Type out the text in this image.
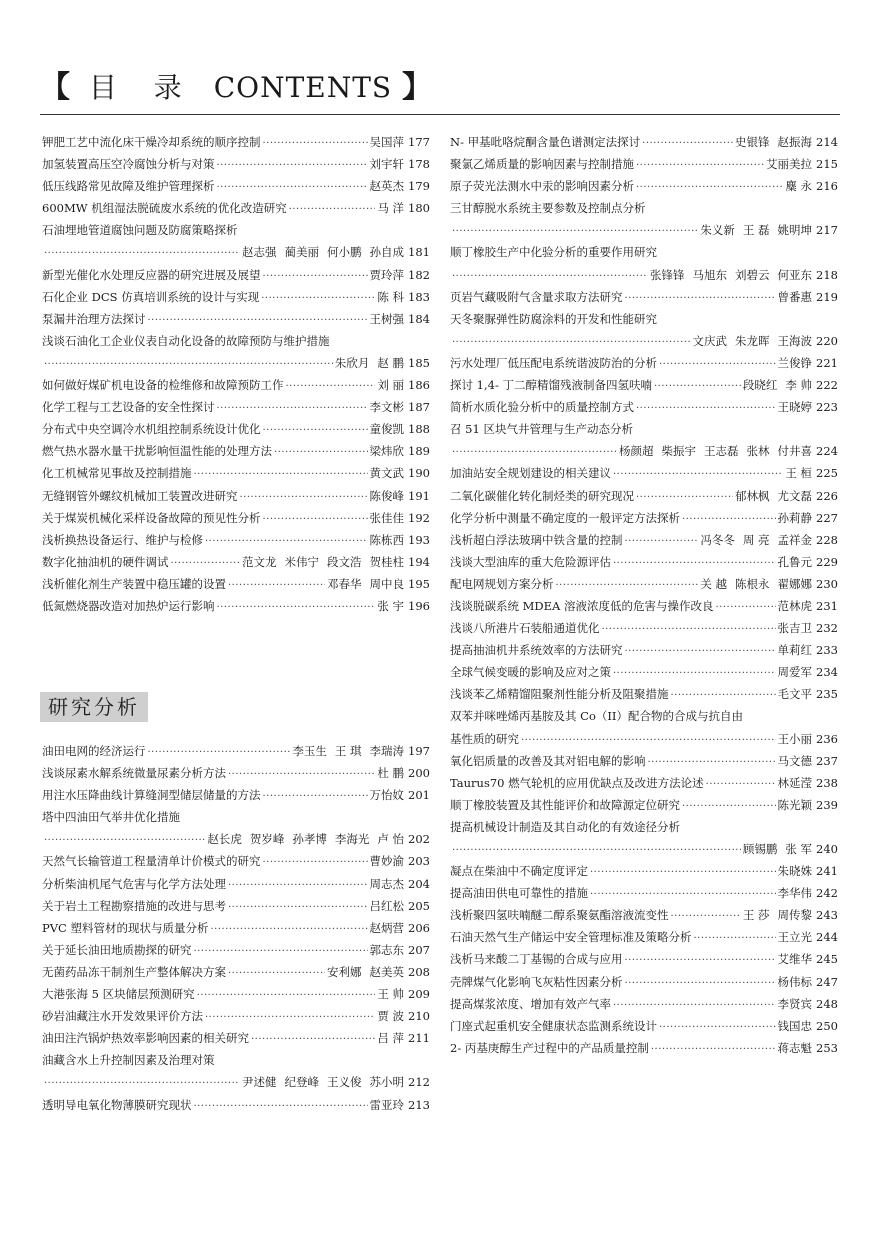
【 目 录 CONTENTS 】
钾肥工艺中流化床干燥冷却系统的顺序控制 ·····	吴国萍 177
加氢装置高压空冷腐蚀分析与对策 ·····	刘宇轩 178
低压线路常见故障及维护管理探析 ·····	赵英杰 179
600MW 机组湿法脱硫废水系统的优化改造研究 ·····	马 洋 180
石油埋地管道腐蚀问题及防腐策略探析
·····
赵志强 蔺美丽 何小鹏 孙自成 181
新型光催化水处理反应器的研究进展及展望 ·····	贾玲萍 182
石化企业 DCS 仿真培训系统的设计与实现 ·····	陈 科 183
泵漏井治理方法探讨 ·····	王树强 184
浅谈石油化工企业仪表自动化设备的故障预防与维护措施
·····
朱欣月 赵 鹏 185
如何做好煤矿机电设备的检维修和故障预防工作 ·····	刘 丽 186
化学工程与工艺设备的安全性探讨 ·····	李文彬 187
分布式中央空调冷水机组控制系统设计优化 ·····	童俊凯 188
燃气热水器水量干扰影响恒温性能的处理方法 ·····	梁炜欣 189
化工机械常见事故及控制措施 ·····	黄文武 190
无缝钢管外螺纹机械加工装置改进研究 ·····	陈俊峰 191
关于煤炭机械化采样设备故障的预见性分析 ·····	张佳佳 192
浅析换热设备运行、维护与检修 ·····	陈栋西 193
数字化抽油机的硬件调试 ·····	范文龙 米伟宁 段文浩 贺桂柱 194
浅析催化剂生产装置中稳压罐的设置 ·····	邓春华 周中良 195
低氮燃烧器改造对加热炉运行影响 ·····	张 宇 196
研究分析
油田电网的经济运行 ·····	李玉生 王 琪 李瑞涛 197
浅谈尿素水解系统微量尿素分析方法 ·····	杜 鹏 200
用注水压降曲线计算缝洞型储层储量的方法 ·····	万怡妏 201
塔中四油田气举井优化措施
·····
赵长虎 贺岁峰 孙孝博 李海光 卢 怡 202
天然气长输管道工程量清单计价模式的研究 ·····	曹妙渝 203
分析柴油机尾气危害与化学方法处理 ·····	周志杰 204
关于岩土工程勘察措施的改进与思考 ·····	吕红松 205
PVC 塑料管材的现状与质量分析 ·····	赵炳营 206
关于延长油田地质勘探的研究 ·····	郭志东 207
无菌药品冻干制剂生产整体解决方案 ·····	安利娜 赵美英 208
大港张海 5 区块储层预测研究 ·····	王 帅 209
砂岩油藏注水开发效果评价方法 ·····	贾 波 210
油田注汽锅炉热效率影响因素的相关研究 ·····	吕 萍 211
油藏含水上升控制因素及治理对策
·····
尹述健 纪登峰 王义俊 苏小明 212
透明导电氧化物薄膜研究现状 ·····	雷亚玲 213
N- 甲基吡咯烷酮含量色谱测定法探讨 ·····	史银锋 赵振海 214
聚氯乙烯质量的影响因素与控制措施 ·····	艾丽美拉 215
原子荧光法测水中汞的影响因素分析 ·····	麋 永 216
三甘醇脱水系统主要参数及控制点分析
·····
朱义新 王 磊 姚明坤 217
顺丁橡胶生产中化验分析的重要作用研究
·····
张锋锋 马旭东 刘碧云 何亚东 218
页岩气藏吸附气含量求取方法研究 ·····	曾番惠 219
天冬聚脲弹性防腐涂料的开发和性能研究
·····
文庆武 朱龙晖 王海波 220
污水处理厂低压配电系统谐波防治的分析 ·····	兰俊铮 221
探讨 1,4- 丁二醇精馏残液制备四氢呋喃 ·····	段晓红 李 帅 222
简析水质化验分析中的质量控制方式 ·····	王晓婷 223
召 51 区块气井管理与生产动态分析
·····
杨颜超 柴振宇 王志磊 张林 付井喜 224
加油站安全规划建设的相关建议 ·····	王 桓 225
二氧化碳催化转化制烃类的研究现况 ·····	郁林枫 尤文磊 226
化学分析中测量不确定度的一般评定方法探析 ·····	孙莉静 227
浅析超白浮法玻璃中铁含量的控制 ·····	冯冬冬 周 亮 孟祥金 228
浅谈大型油库的重大危险源评估 ·····	孔鲁元 229
配电网规划方案分析 ·····	关 越 陈根永 翟娜娜 230
浅谈脱碳系统 MDEA 溶液浓度低的危害与操作改良 ·····	范林虎 231
浅谈八所港片石装船通道优化 ·····	张吉卫 232
提高抽油机井系统效率的方法研究 ·····	单莉红 233
全球气候变暖的影响及应对之策 ·····	周爱军 234
浅谈苯乙烯精馏阻聚剂性能分析及阻聚措施 ·····	毛文平 235
双苯并咪唑烯丙基胺及其 Co（II）配合物的合成与抗自由
基性质的研究 ·····	王小丽 236
氧化铝质量的改善及其对铝电解的影响 ·····	马文德 237
Taurus70 燃气轮机的应用优缺点及改进方法论述 ·····	林延滢 238
顺丁橡胶装置及其性能评价和故障源定位研究 ·····	陈光颖 239
提高机械设计制造及其自动化的有效途径分析
·····
顾锡鹏 张 军 240
凝点在柴油中不确定度评定 ·····	朱晓姝 241
提高油田供电可靠性的措施 ·····	李华伟 242
浅析聚四氢呋喃醚二醇系聚氨酯溶液流变性 ·····	王 莎 周传黎 243
石油天然气生产储运中安全管理标准及策略分析 ·····	王立光 244
浅析马来酸二丁基锡的合成与应用 ·····	艾维华 245
壳牌煤气化影响飞灰粘性因素分析 ·····	杨伟标 247
提高煤浆浓度、增加有效产气率 ·····	李贤宾 248
门座式起重机安全健康状态监测系统设计 ·····	钱国忠 250
2- 丙基庚醇生产过程中的产品质量控制 ·····	蒋志魁 253
